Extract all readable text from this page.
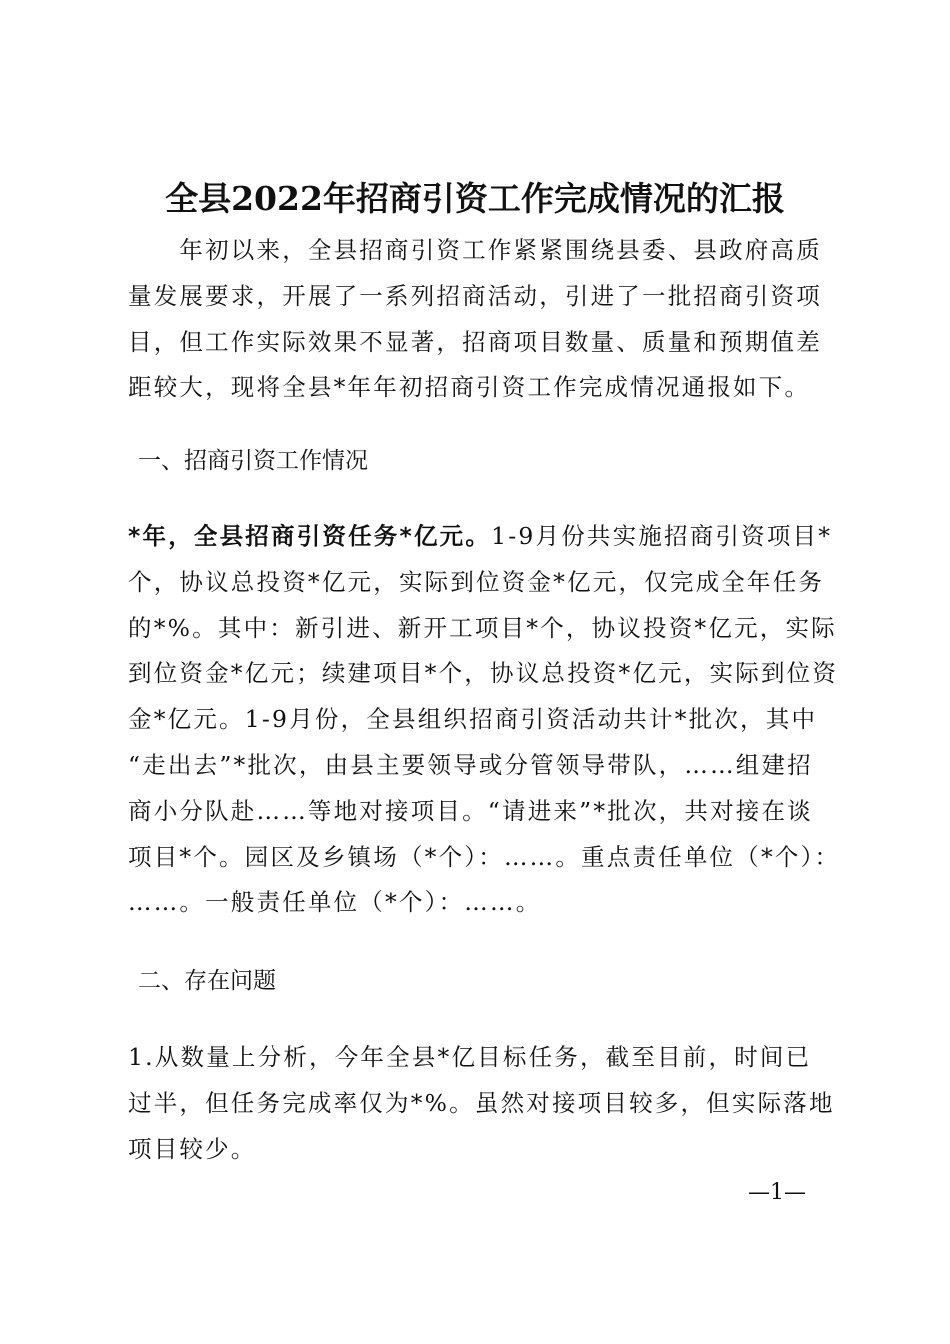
全县2022年招商引资工作完成情况的汇报
　　年初以来，全县招商引资工作紧紧围绕县委、县政府高质
量发展要求，开展了一系列招商活动，引进了一批招商引资项
目，但工作实际效果不显著，招商项目数量、质量和预期值差
距较大，现将全县*年年初招商引资工作完成情况通报如下。
一、招商引资工作情况
*年，全县招商引资任务*亿元。1-9月份共实施招商引资项目*
个，协议总投资*亿元，实际到位资金*亿元，仅完成全年任务
的*%。其中：新引进、新开工项目*个，协议投资*亿元，实际
到位资金*亿元；续建项目*个，协议总投资*亿元，实际到位资
金*亿元。1-9月份，全县组织招商引资活动共计*批次，其中
“走出去”*批次，由县主要领导或分管领导带队，……组建招
商小分队赴……等地对接项目。“请进来”*批次，共对接在谈
项目*个。园区及乡镇场（*个）：……。重点责任单位（*个）：
……。一般责任单位（*个）：……。
二、存在问题
1.从数量上分析，今年全县*亿目标任务，截至目前，时间已
过半，但任务完成率仅为*%。虽然对接项目较多，但实际落地
项目较少。
—1—
